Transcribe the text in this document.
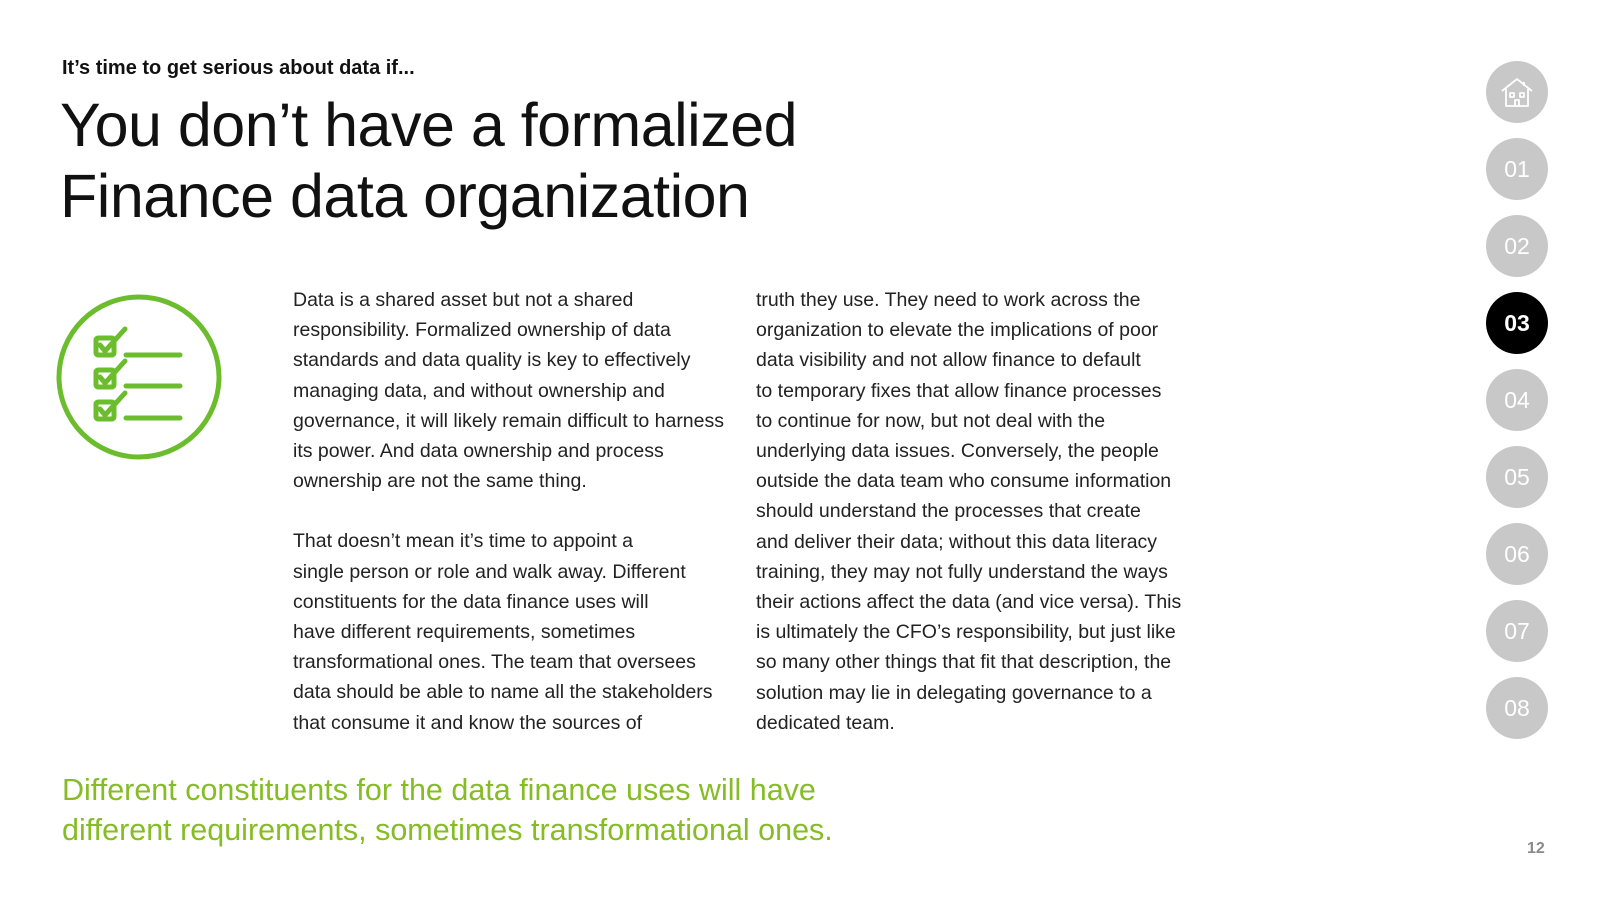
It’s time to get serious about data if...
You don’t have a formalized
Finance data organization
Data is a shared asset but not a shared
responsibility. Formalized ownership of data
standards and data quality is key to effectively
managing data, and without ownership and
governance, it will likely remain difficult to harness
its power. And data ownership and process
ownership are not the same thing.
That doesn’t mean it’s time to appoint a
single person or role and walk away. Different
constituents for the data finance uses will
have different requirements, sometimes
transformational ones. The team that oversees
data should be able to name all the stakeholders
that consume it and know the sources of
truth they use. They need to work across the
organization to elevate the implications of poor
data visibility and not allow finance to default
to temporary fixes that allow finance processes
to continue for now, but not deal with the
underlying data issues. Conversely, the people
outside the data team who consume information
should understand the processes that create
and deliver their data; without this data literacy
training, they may not fully understand the ways
their actions affect the data (and vice versa). This
is ultimately the CFO’s responsibility, but just like
so many other things that fit that description, the
solution may lie in delegating governance to a
dedicated team.
Different constituents for the data finance uses will have
different requirements, sometimes transformational ones.
01
02
03
04
05
06
07
08
12
